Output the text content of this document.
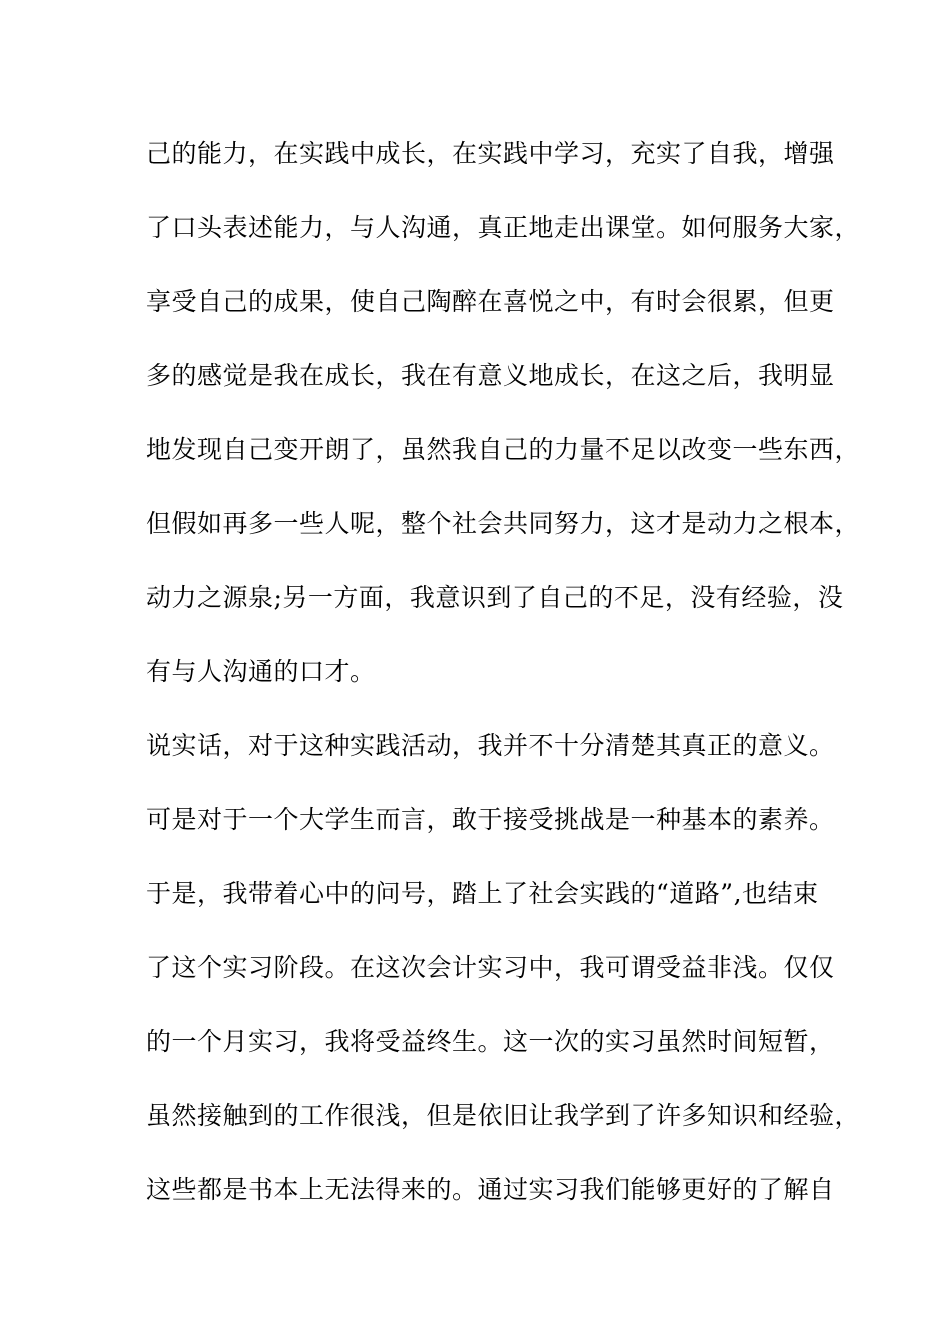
己的能力，在实践中成长，在实践中学习，充实了自我，增强
了口头表述能力，与人沟通，真正地走出课堂。如何服务大家，
享受自己的成果，使自己陶醉在喜悦之中，有时会很累，但更
多的感觉是我在成长，我在有意义地成长，在这之后，我明显
地发现自己变开朗了，虽然我自己的力量不足以改变一些东西，
但假如再多一些人呢，整个社会共同努力，这才是动力之根本，
动力之源泉;另一方面，我意识到了自己的不足，没有经验，没
有与人沟通的口才。
说实话，对于这种实践活动，我并不十分清楚其真正的意义。
可是对于一个大学生而言，敢于接受挑战是一种基本的素养。
于是，我带着心中的问号，踏上了社会实践的“道路”,也结束
了这个实习阶段。在这次会计实习中，我可谓受益非浅。仅仅
的一个月实习，我将受益终生。这一次的实习虽然时间短暂，
虽然接触到的工作很浅，但是依旧让我学到了许多知识和经验，
这些都是书本上无法得来的。通过实习我们能够更好的了解自
